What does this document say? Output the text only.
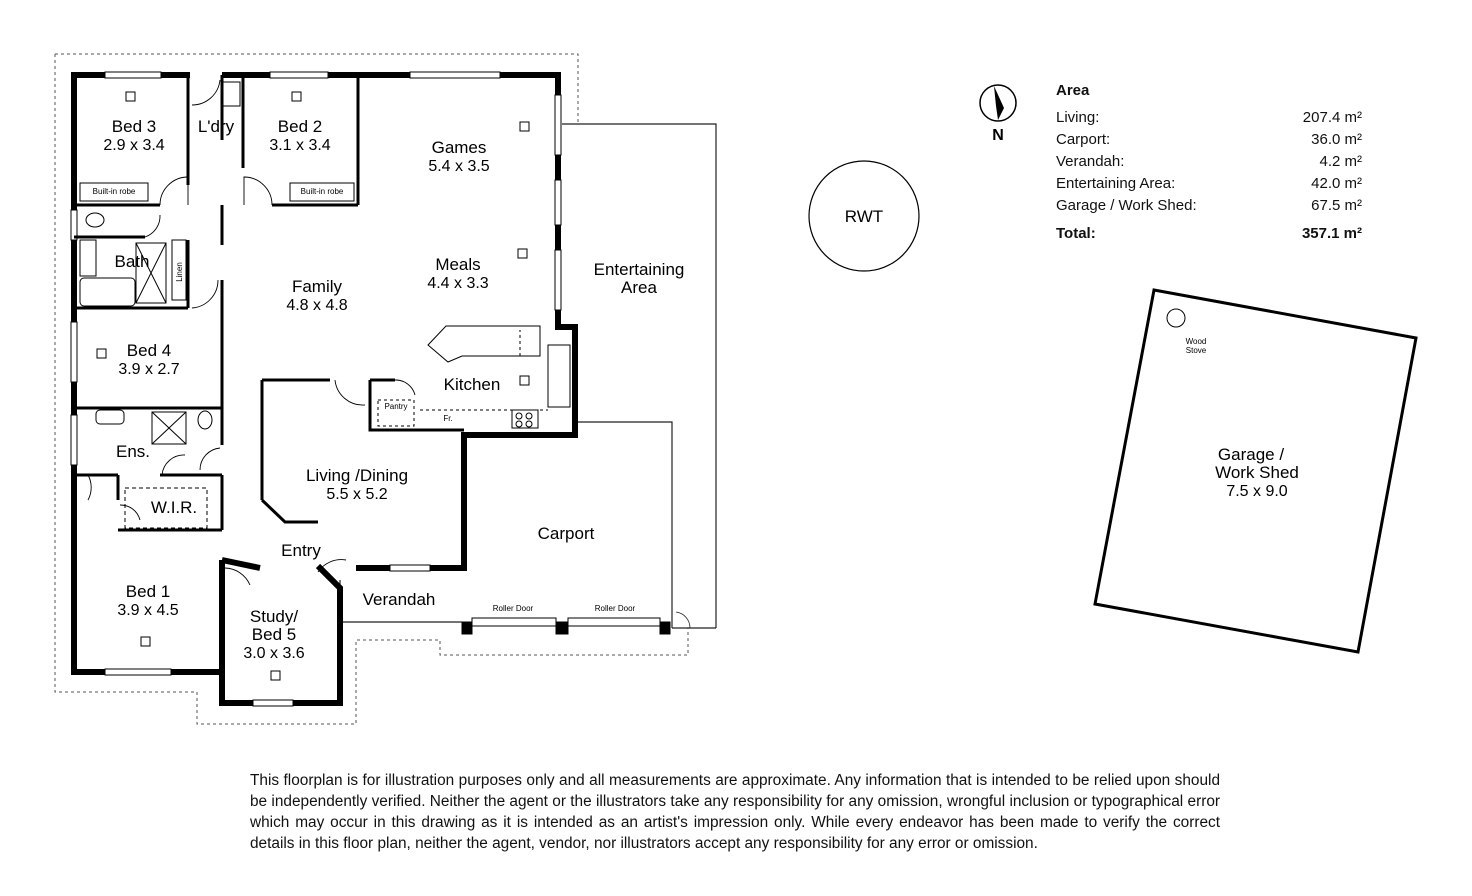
RWT
N
Bed 3
2.9 x 3.4
L'dry	Bed 2
3.1 x 3.4	Games
5.4 x 3.5
Bath
Family
4.8 x 4.8
Meals
4.4 x 3.3
Entertaining
Area
Bed 4
3.9 x 2.7
Kitchen
Ens.
W.I.R.
Living /Dining
5.5 x 5.2
Carport
Entry
Bed 1
3.9 x 4.5	Study/
Bed 5
3.0 x 3.6
Verandah
Garage /
Work Shed
7.5 x 9.0
Built-in robe	Built-in robe
Linen
Pantry
Fr.
Roller Door	Roller Door
Wood
Stove
Area
Living:	207.4 m²
Carport:	36.0 m²
Verandah:	4.2 m²
Entertaining Area:	42.0 m²
Garage / Work Shed:	67.5 m²
Total:	357.1 m²
This floorplan is for illustration purposes only and all measurements are approximate. Any information that is intended to be relied upon should be independently verified. Neither the agent or the illustrators take any responsibility for any omission, wrongful inclusion or typographical error which may occur in this drawing as it is intended as an artist's impression only. While every endeavor has been made to verify the correct details in this floor plan, neither the agent, vendor, nor illustrators accept any responsibility for any error or omission.
